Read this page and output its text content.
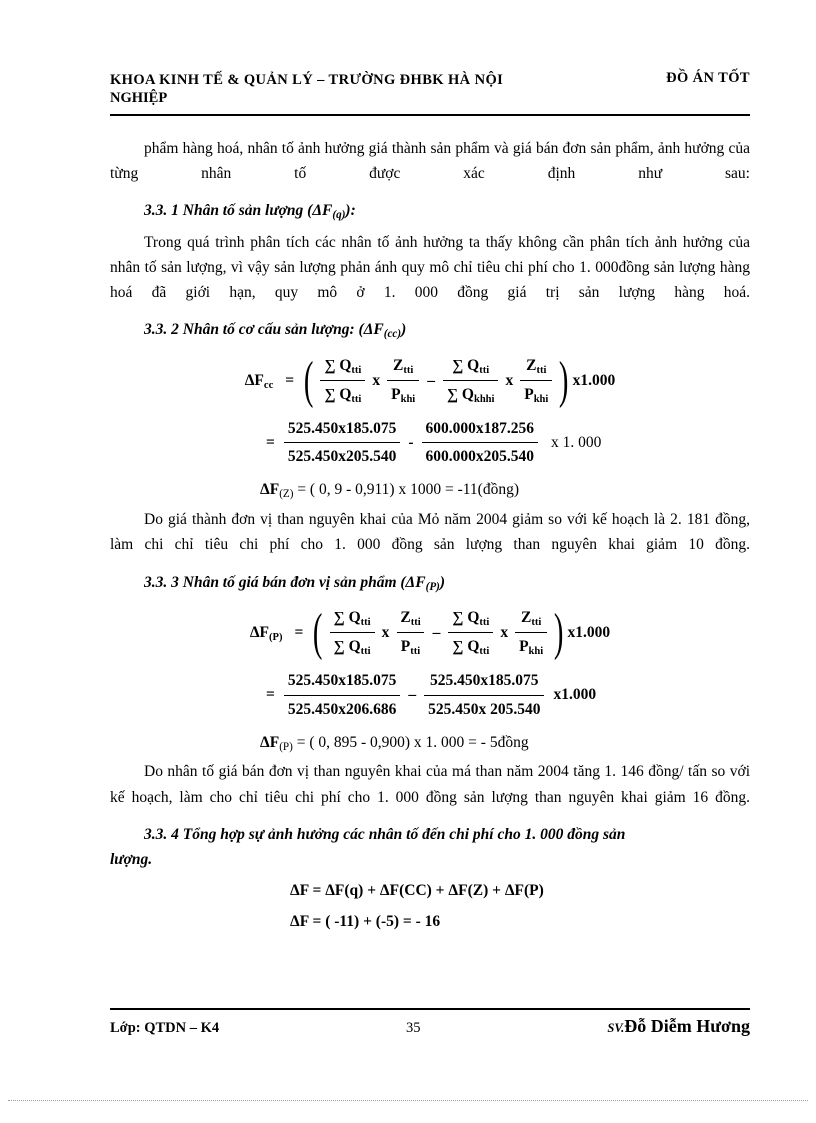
KHOA KINH TẾ & QUẢN LÝ – TRƯỜNG ĐHBK HÀ NỘI	ĐỒ ÁN TỐT
NGHIỆP

phẩm hàng hoá, nhân tố ảnh hưởng giá thành sản phẩm và giá bán đơn sản phẩm, ảnh hưởng của từng nhân tố được xác định như sau:

3.3. 1 Nhân tố sản lượng $(\Delta F_{(q)})$:

Trong quá trình phân tích các nhân tố ảnh hưởng ta thấy không cần phân tích ảnh hưởng của nhân tố sản lượng, vì vậy sản lượng phản ánh quy mô chỉ tiêu chi phí cho 1. 000đồng sản lượng hàng hoá đã giới hạn, quy mô ở 1. 000 đồng giá trị sản lượng hàng hoá.

3.3. 2 Nhân tố cơ cấu sản lượng: $(\Delta F_{(cc)})$
ΔFcc = ( $\frac{\text{∑ Qtti}}{\text{∑ Qtti}}$ x $\frac{\text{Ztti}}{\text{Pkhi}} - \frac{\text{∑ Qtti}}{\text{∑ Qkhhi}}$ x $\frac{\text{Ztti}}{\text{Pkhi}}$ ) x1.000
= $\frac{525.450x185.075}{525.450x205.540} - \frac{600.000x187.256}{600.000x205.540}$ x 1. 000
$\Delta F_{(Z)}$ = ( 0, 9 - 0,911) x 1000 = -11(đồng)

Do giá thành đơn vị than nguyên khai của Mỏ năm 2004 giảm so với kế hoạch là 2. 181 đồng, làm chi chỉ tiêu chi phí cho 1. 000 đồng sản lượng than nguyên khai giảm 10 đồng.

3.3. 3 Nhân tố giá bán đơn vị sản phẩm $(\Delta F_{(P)})$
ΔF(P) = ( $\frac{\text{∑ Qtti}}{\text{∑ Qtti}}$ x $\frac{\text{Ztti}}{\text{Ptti}} - \frac{\text{∑ Qtti}}{\text{∑ Qtti}}$ x $\frac{\text{Ztti}}{\text{Pkhi}}$ ) x1.000
= $\frac{525.450x185.075}{525.450x206.686} - \frac{525.450x185.075}{525.450x 205.540} x1.000$
$\Delta F_{(P)}$ = ( 0, 895 - 0,900) x 1. 000 = - 5đồng

Do nhân tố giá bán đơn vị than nguyên khai của má than năm 2004 tăng 1. 146 đồng/ tấn so với kế hoạch, làm cho chỉ tiêu chi phí cho 1. 000 đồng sản lượng than nguyên khai giảm 16 đồng.

3.3. 4 Tổng hợp sự ảnh hưởng các nhân tố đến chi phí cho 1. 000 đồng sản
lượng.
ΔF = ΔF(q) + ΔF(CC) + ΔF(Z) + ΔF(P)
ΔF = ( -11) + (-5) = - 16
Lớp: QTDN – K4	35	SV.Đỗ Diễm Hương
